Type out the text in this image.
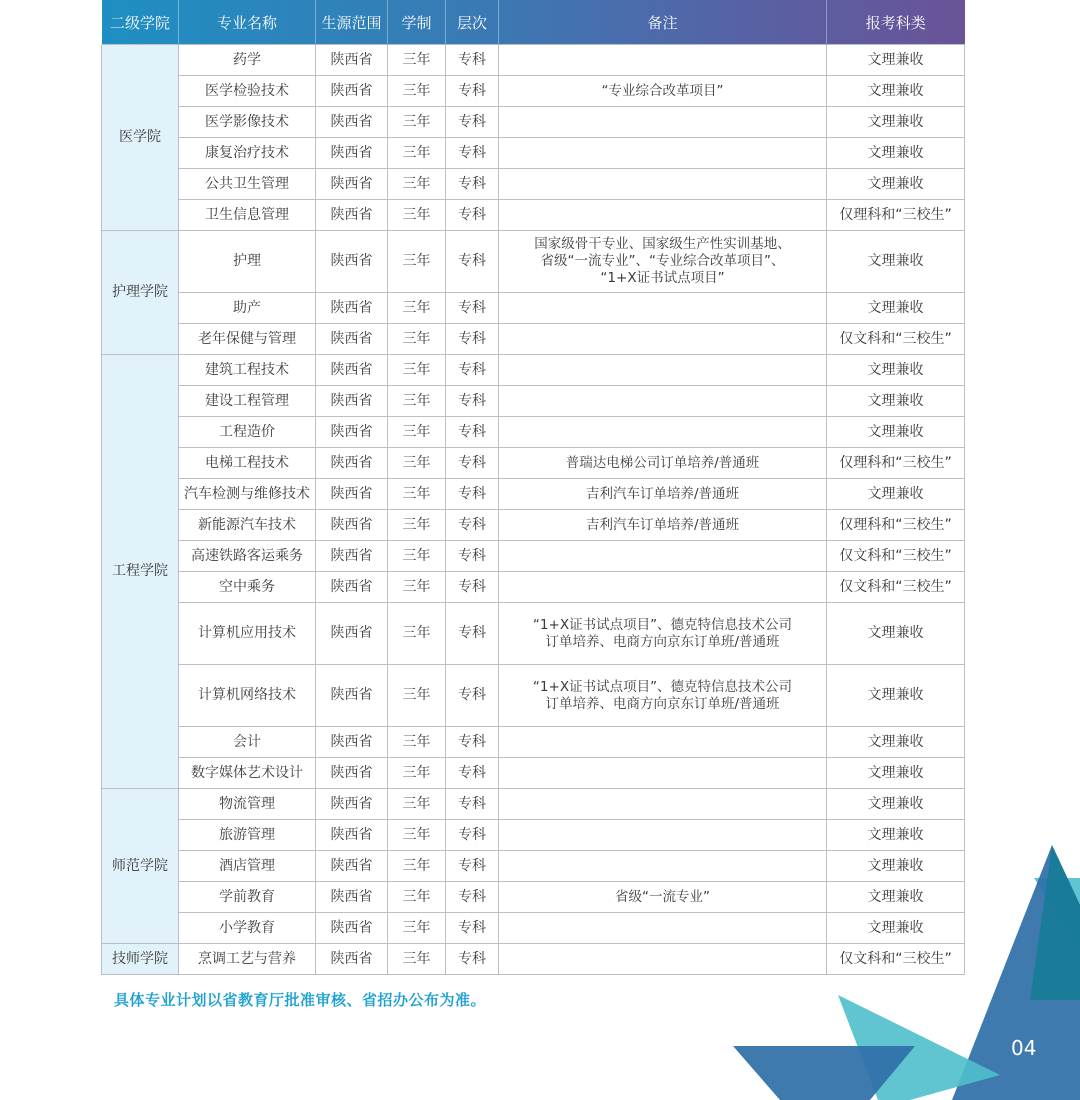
二级学院	专业名称	生源范围	学制	层次	备注	报考科类
医学院	药学	陕西省	三年	专科		文理兼收
	医学检验技术	陕西省	三年	专科	“专业综合改革项目”	文理兼收
	医学影像技术	陕西省	三年	专科		文理兼收
	康复治疗技术	陕西省	三年	专科		文理兼收
	公共卫生管理	陕西省	三年	专科		文理兼收
	卫生信息管理	陕西省	三年	专科		仅理科和“三校生”
护理学院	护理	陕西省	三年	专科	国家级骨干专业、国家级生产性实训基地、
省级“一流专业”、“专业综合改革项目”、
“1+X证书试点项目”	文理兼收
	助产	陕西省	三年	专科		文理兼收
	老年保健与管理	陕西省	三年	专科		仅文科和“三校生”
工程学院	建筑工程技术	陕西省	三年	专科		文理兼收
	建设工程管理	陕西省	三年	专科		文理兼收
	工程造价	陕西省	三年	专科		文理兼收
	电梯工程技术	陕西省	三年	专科	普瑞达电梯公司订单培养/普通班	仅理科和“三校生”
	汽车检测与维修技术	陕西省	三年	专科	吉利汽车订单培养/普通班	文理兼收
	新能源汽车技术	陕西省	三年	专科	吉利汽车订单培养/普通班	仅理科和“三校生”
	高速铁路客运乘务	陕西省	三年	专科		仅文科和“三校生”
	空中乘务	陕西省	三年	专科		仅文科和“三校生”
	计算机应用技术	陕西省	三年	专科	“1+X证书试点项目”、德克特信息技术公司
订单培养、电商方向京东订单班/普通班	文理兼收
	计算机网络技术	陕西省	三年	专科	“1+X证书试点项目”、德克特信息技术公司
订单培养、电商方向京东订单班/普通班	文理兼收
	会计	陕西省	三年	专科		文理兼收
	数字媒体艺术设计	陕西省	三年	专科		文理兼收
师范学院	物流管理	陕西省	三年	专科		文理兼收
	旅游管理	陕西省	三年	专科		文理兼收
	酒店管理	陕西省	三年	专科		文理兼收
	学前教育	陕西省	三年	专科	省级“一流专业”	文理兼收
	小学教育	陕西省	三年	专科		文理兼收
技师学院	烹调工艺与营养	陕西省	三年	专科		仅文科和“三校生”

具体专业计划以省教育厅批准审核、省招办公布为准。

04
